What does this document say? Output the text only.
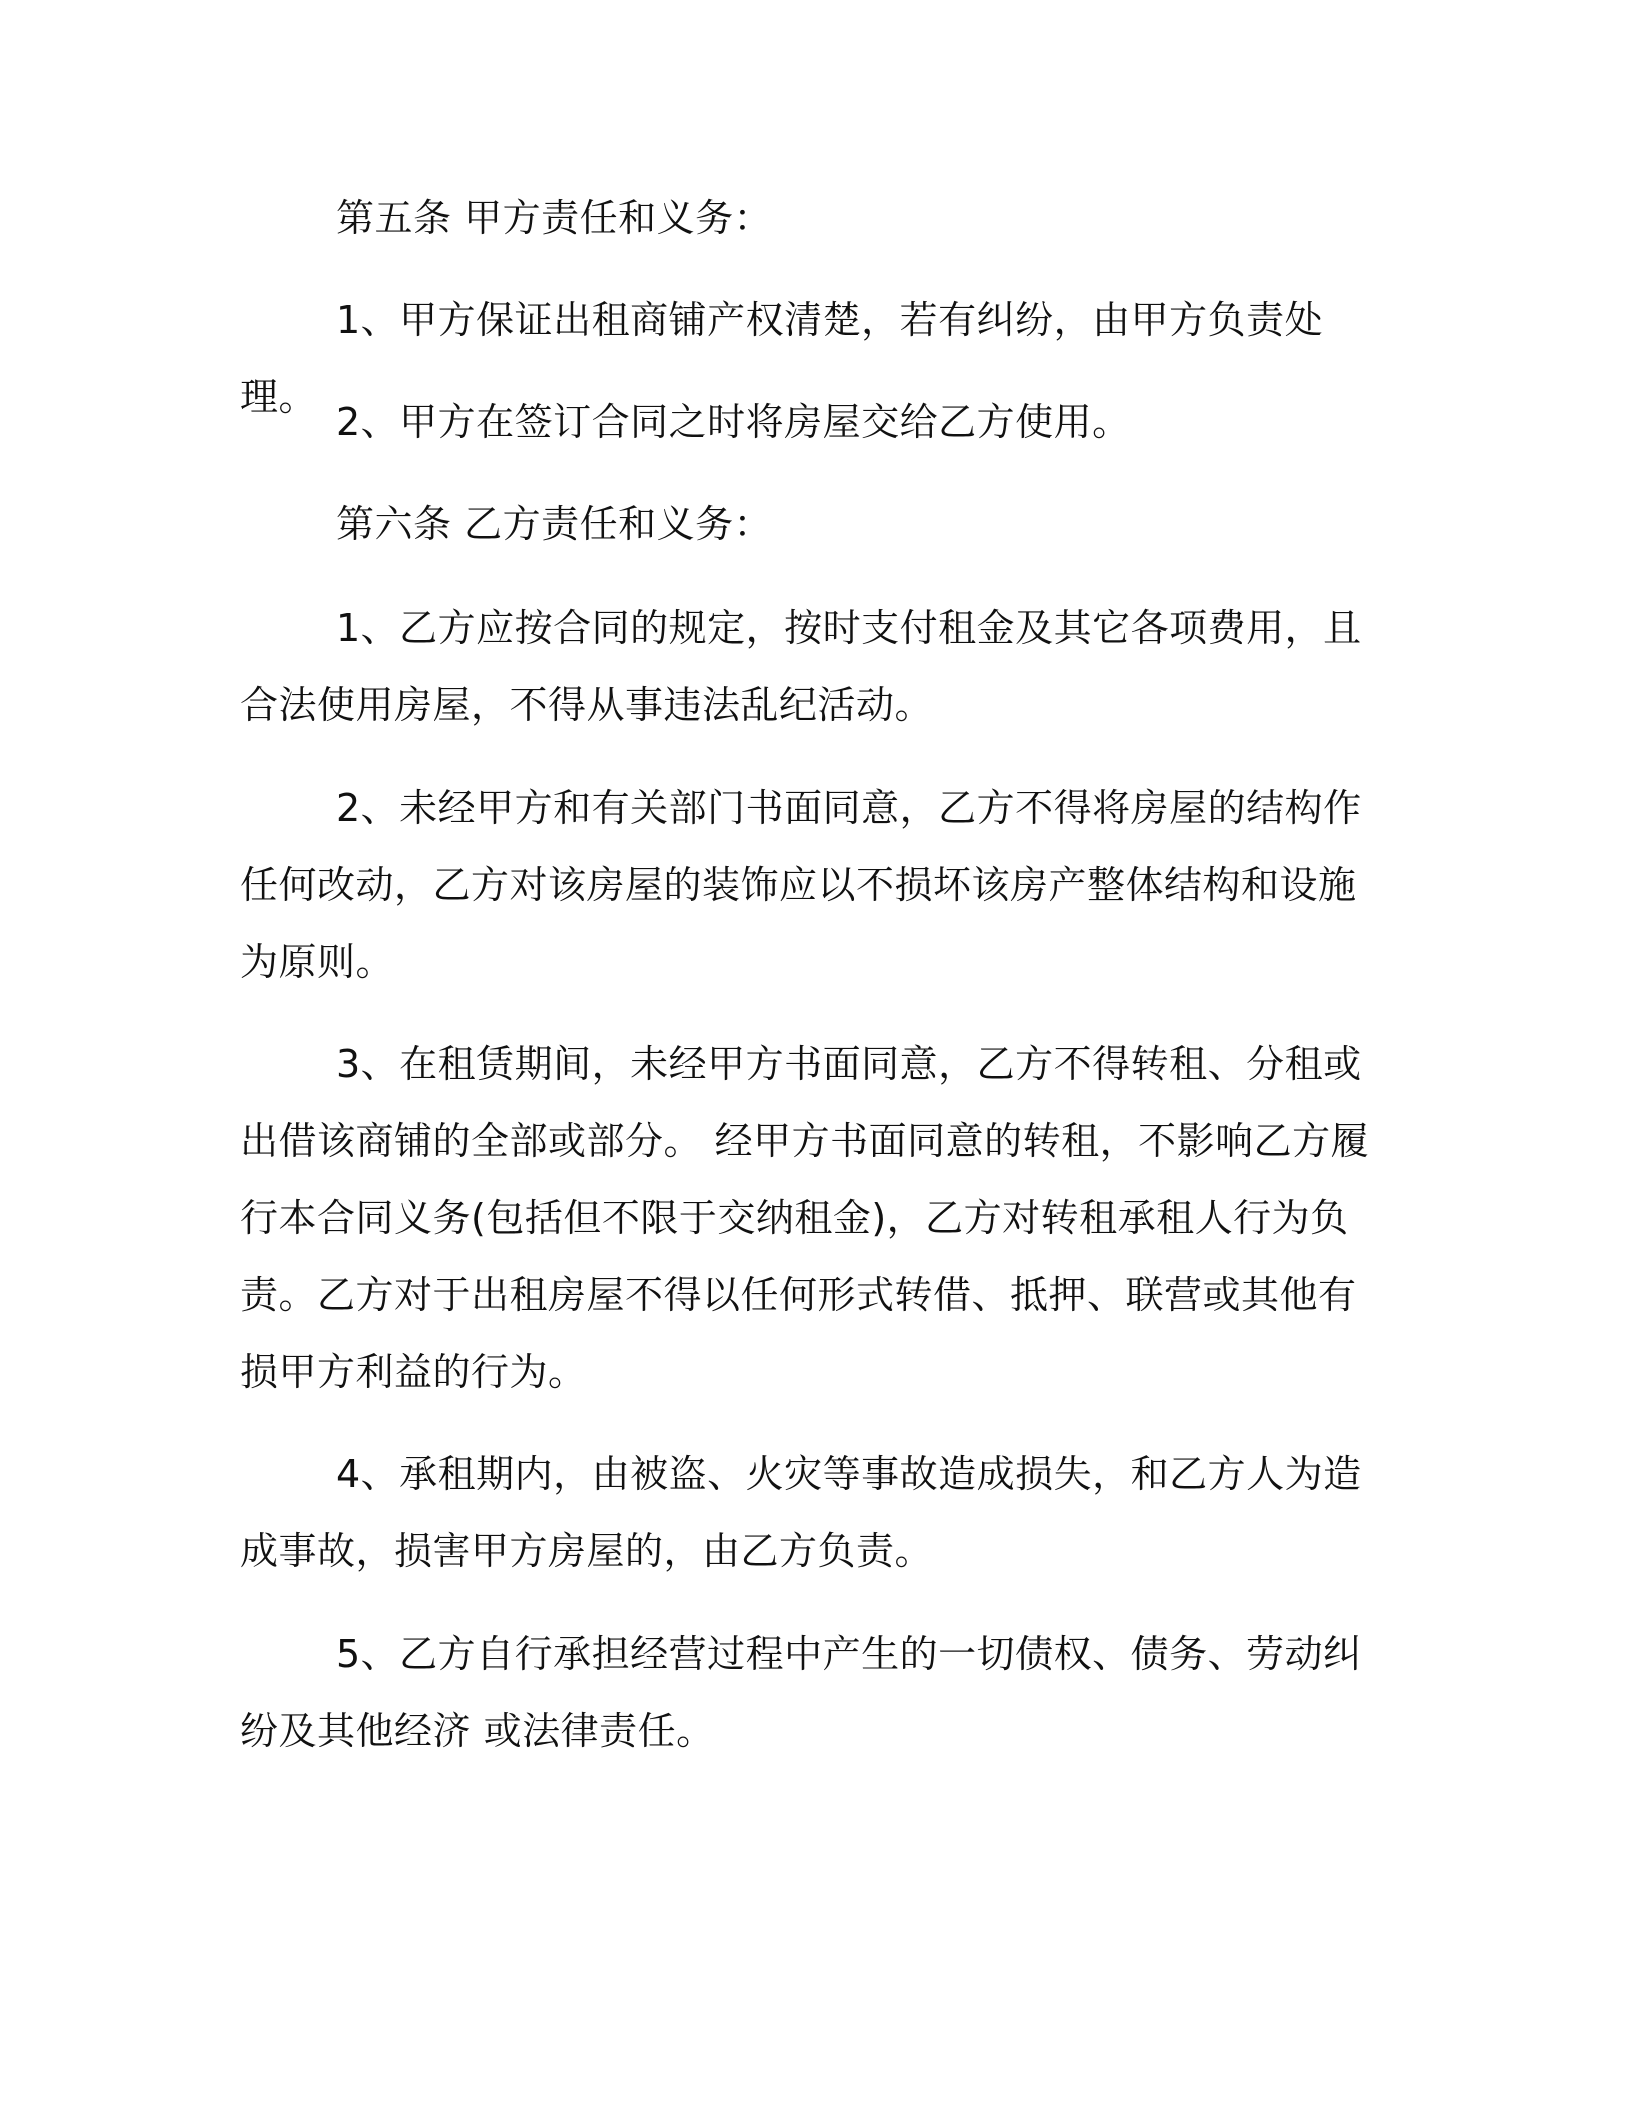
第五条 甲方责任和义务：

1、甲方保证出租商铺产权清楚，若有纠纷，由甲方负责处理。

2、甲方在签订合同之时将房屋交给乙方使用。

第六条 乙方责任和义务：

1、乙方应按合同的规定，按时支付租金及其它各项费用，且合法使用房屋，不得从事违法乱纪活动。

2、未经甲方和有关部门书面同意，乙方不得将房屋的结构作任何改动，乙方对该房屋的装饰应以不损坏该房产整体结构和设施为原则。

3、在租赁期间，未经甲方书面同意，乙方不得转租、分租或出借该商铺的全部或部分。 经甲方书面同意的转租，不影响乙方履行本合同义务(包括但不限于交纳租金)，乙方对转租承租人行为负责。乙方对于出租房屋不得以任何形式转借、抵押、联营或其他有损甲方利益的行为。

4、承租期内，由被盗、火灾等事故造成损失，和乙方人为造成事故，损害甲方房屋的，由乙方负责。

5、乙方自行承担经营过程中产生的一切债权、债务、劳动纠纷及其他经济 或法律责任。
